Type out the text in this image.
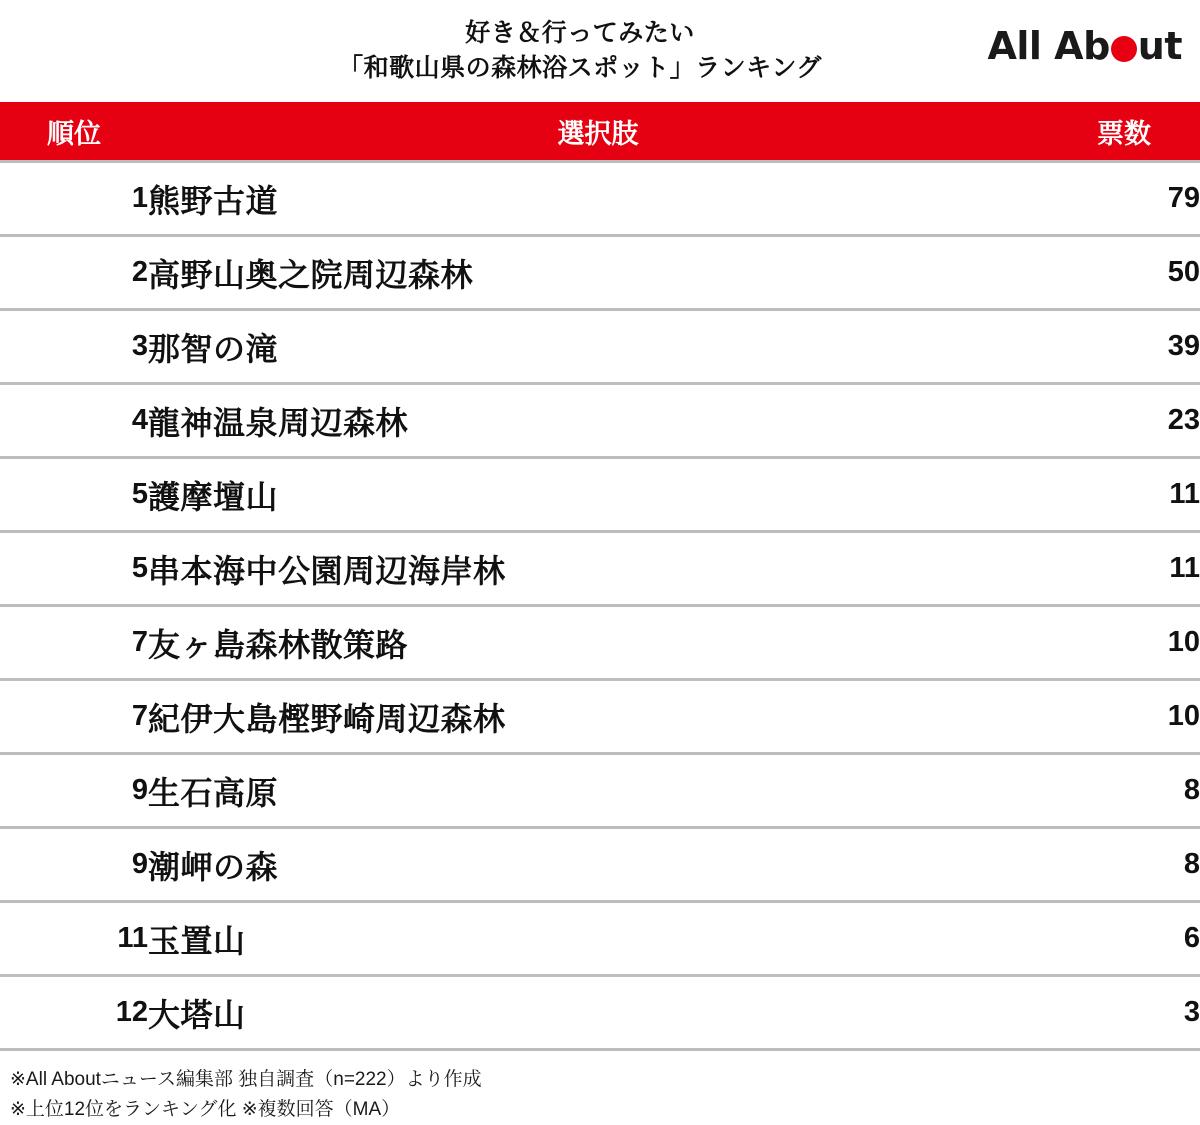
好き＆行ってみたい
「和歌山県の森林浴スポット」ランキング	All Ab ut
順位	選択肢	票数
1	熊野古道	79
2	高野山奥之院周辺森林	50
3	那智の滝	39
4	龍神温泉周辺森林	23
5	護摩壇山	11
5	串本海中公園周辺海岸林	11
7	友ヶ島森林散策路	10
7	紀伊大島樫野崎周辺森林	10
9	生石高原	8
9	潮岬の森	8
11	玉置山	6
12	大塔山	3
※All Aboutニュース編集部 独自調査（n=222）より作成
※上位12位をランキング化 ※複数回答（MA）
